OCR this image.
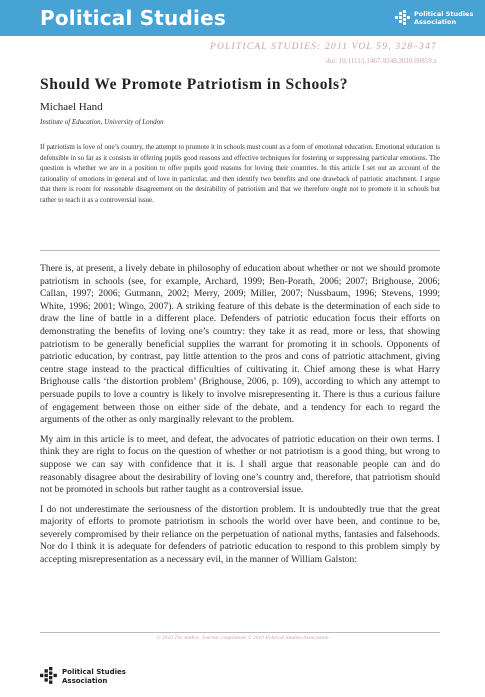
Political Studies	Political Studies
Association
POLITICAL STUDIES: 2011 VOL 59, 328–347
doi: 10.1111/j.1467-9248.2010.00859.x
Should We Promote Patriotism in Schools?
Michael Hand
Institute of Education, University of London
If patriotism is love of one’s country, the attempt to promote it in schools must count as a form of emotional education. Emotional education is defensible in so far as it consists in offering pupils good reasons and effective techniques for fostering or suppressing particular emotions. The question is whether we are in a position to offer pupils good reasons for loving their countries. In this article I set out an account of the rationality of emotions in general and of love in particular, and then identify two benefits and one drawback of patriotic attachment. I argue that there is room for reasonable disagreement on the desirability of patriotism and that we therefore ought not to promote it in schools but rather to teach it as a controversial issue.

There is, at present, a lively debate in philosophy of education about whether or not we should promote patriotism in schools (see, for example, Archard, 1999; Ben-Porath, 2006; 2007; Brighouse, 2006; Callan, 1997; 2006; Gutmann, 2002; Merry, 2009; Miller, 2007; Nussbaum, 1996; Stevens, 1999; White, 1996; 2001; Wingo, 2007). A striking feature of this debate is the determination of each side to draw the line of battle in a different place. Defenders of patriotic education focus their efforts on demonstrating the benefits of loving one’s country: they take it as read, more or less, that showing patriotism to be generally beneficial supplies the warrant for promoting it in schools. Opponents of patriotic education, by contrast, pay little attention to the pros and cons of patriotic attachment, giving centre stage instead to the practical difficulties of cultivating it. Chief among these is what Harry Brighouse calls ‘the distortion problem’ (Brighouse, 2006, p. 109), according to which any attempt to persuade pupils to love a country is likely to involve misrepresenting it. There is thus a curious failure of engagement between those on either side of the debate, and a tendency for each to regard the arguments of the other as only marginally relevant to the problem.

My aim in this article is to meet, and defeat, the advocates of patriotic education on their own terms. I think they are right to focus on the question of whether or not patriotism is a good thing, but wrong to suppose we can say with confidence that it is. I shall argue that reasonable people can and do reasonably disagree about the desirability of loving one’s country and, therefore, that patriotism should not be promoted in schools but rather taught as a controversial issue.

I do not underestimate the seriousness of the distortion problem. It is undoubtedly true that the great majority of efforts to promote patriotism in schools the world over have been, and continue to be, severely compromised by their reliance on the perpetuation of national myths, fantasies and falsehoods. Nor do I think it is adequate for defenders of patriotic education to respond to this problem simply by accepting misrepresentation as a necessary evil, in the manner of William Galston:

© 2010 The Author. Journal compilation © 2010 Political Studies Association
Political Studies
Association
